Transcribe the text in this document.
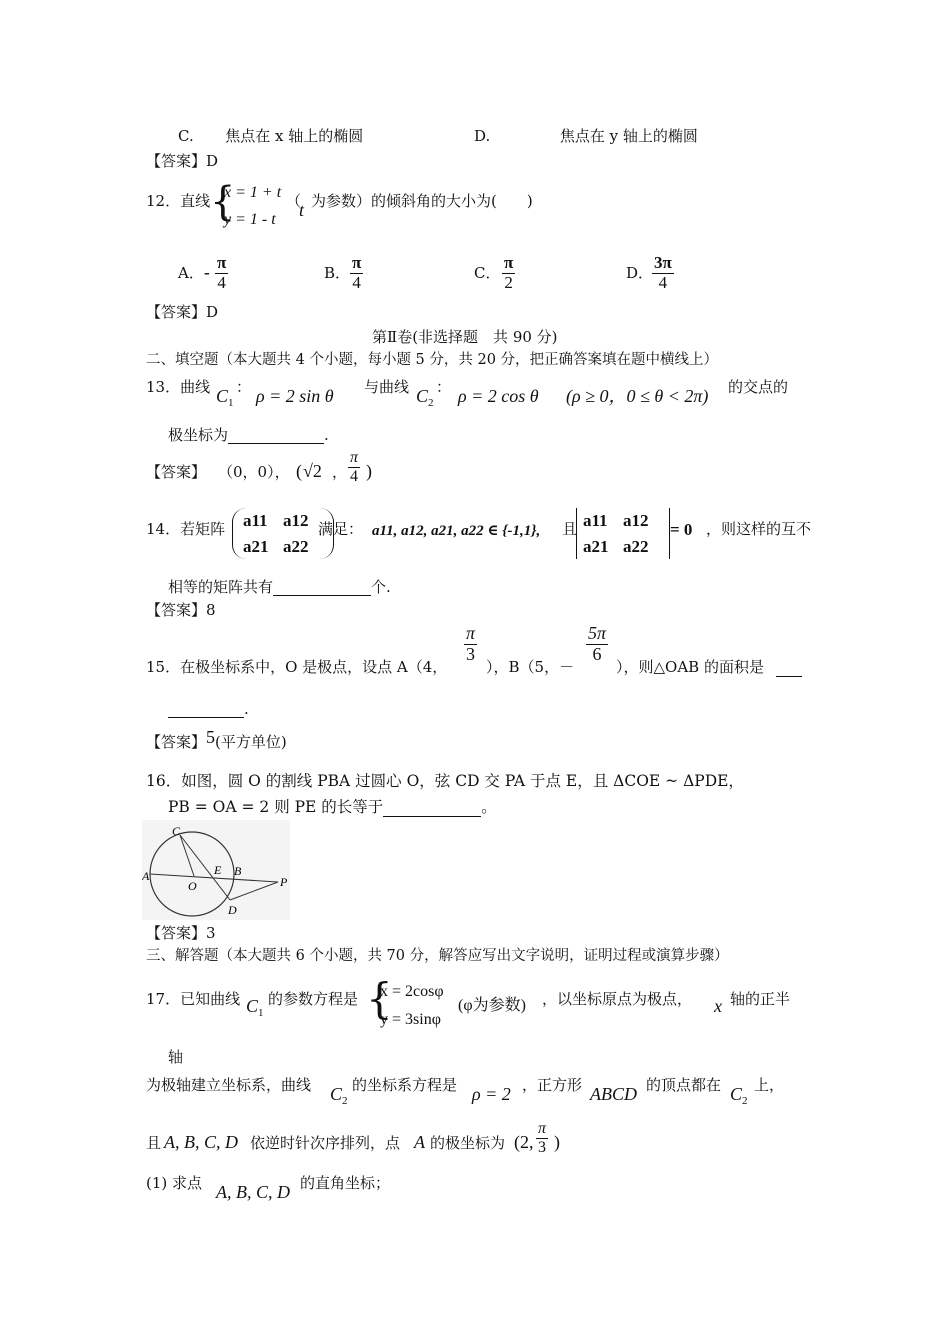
C. 焦点在 x 轴上的椭圆	D.	焦点在 y 轴上的椭圆
【答案】D
12．直线 {
x = 1 + t
y = 1 - t
（
t 为参数）的倾斜角的大小为(　　)
A． - $\frac{\pi}{4}$	B． $\frac{\pi}{4}$	C． $\frac{\pi}{2}$	D．
$\frac{3\pi}{4}$
【答案】D
第Ⅱ卷(非选择题　共 90 分)
二、填空题（本大题共 4 个小题，每小题 5 分，共 20 分，把正确答案填在题中横线上）
13．曲线 $C_1$
： ρ = 2 sin θ 与曲线 $C_2$
： ρ = 2 cos θ (ρ ≥ 0，0 ≤ θ < 2π) 的交点的
极坐标为	.
【答案】 （0，0）， ( √2 ， $\frac{\pi}{4}$ )
14．若矩阵 a11 a12
a21 a22
满足： a11, a12, a21, a22 ∈ {-1,1}, 且 a11 a12
a21 a22
= 0 ，则这样的互不
相等的矩阵共有	个.
【答案】8
15．在极坐标系中，O 是极点，设点 A（4，
$\frac{\pi}{3}$
），B（5，－
$\frac{5\pi}{6}$
），则△OAB 的面积是
.
【答案】5(平方单位)
16．如图，圆 O 的割线 PBA 过圆心 O，弦 CD 交 PA 于点 E，且 ΔCOE ~ ΔPDE，
PB = OA = 2 则 PE 的长等于	。
C
A
O
E B
P
D
【答案】3
三、解答题（本大题共 6 个小题，共 70 分，解答应写出文字说明，证明过程或演算步骤）
17．已知曲线 $C_1$
的参数方程是 {
x = 2cosφ
y = 3sinφ
(φ为参数) ，以坐标原点为极点， x 轴的正半
轴
为极轴建立坐标系，曲线 $C_2$
的坐标系方程是 ρ = 2 ，正方形 ABCD 的顶点都在 $C_2$
上，
且 A, B, C, D 依逆时针次序排列，点 A 的极坐标为 (2, $\frac{\pi}{3}$ )
(1) 求点 A, B, C, D 的直角坐标；
